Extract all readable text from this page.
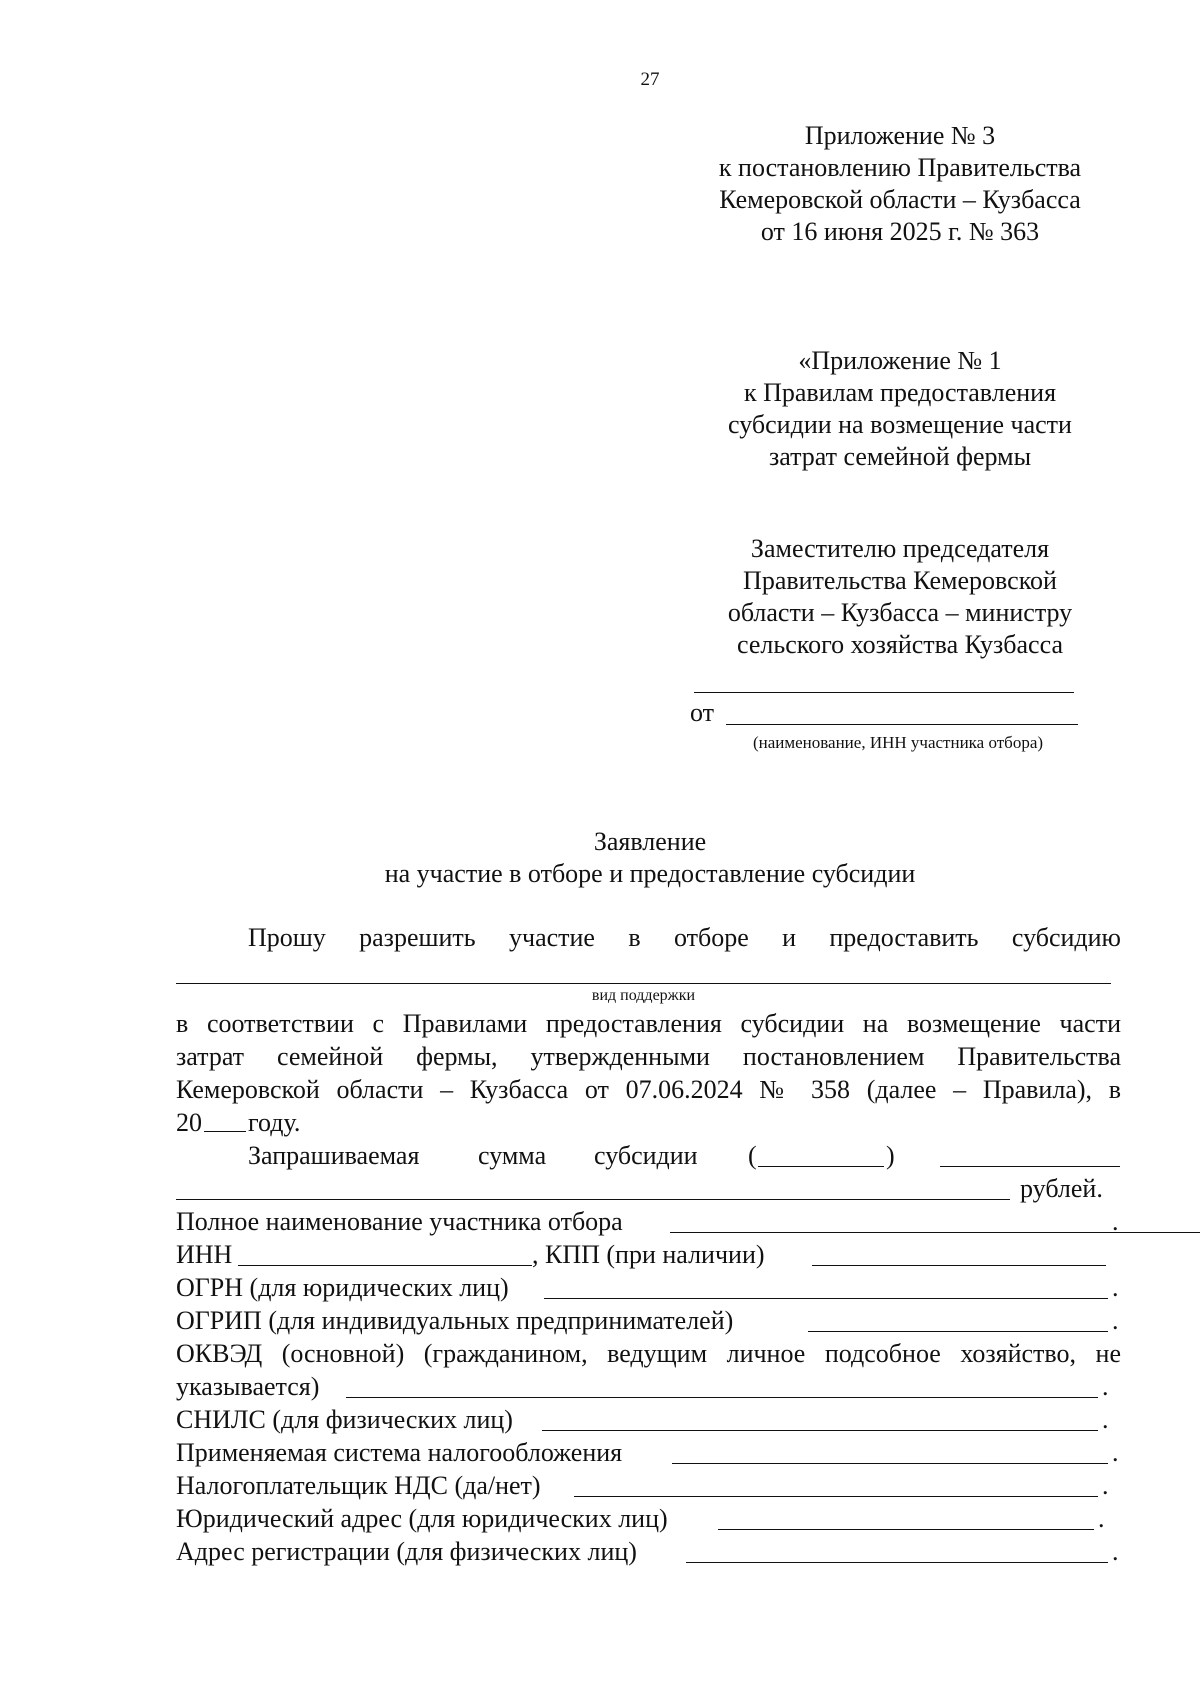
27
Приложение № 3
к постановлению Правительства
Кемеровской области – Кузбасса
от 16 июня 2025 г. № 363
«Приложение № 1
к Правилам предоставления
субсидии на возмещение части
затрат семейной фермы
Заместителю председателя
Правительства Кемеровской
области – Кузбасса – министру
сельского хозяйства Кузбасса
от
(наименование, ИНН участника отбора)
Заявление
на участие в отборе и предоставление субсидии
Прошу разрешить участие в отборе и предоставить субсидию
вид поддержки
в соответствии с Правилами предоставления субсидии на возмещение части
затрат семейной фермы, утвержденными постановлением Правительства
Кемеровской области – Кузбасса от 07.06.2024 № 358 (далее – Правила), в
20 году.
Запрашиваемая сумма субсидии (	)
рублей.
Полное наименование участника отбора	.
ИНН	, КПП (при наличии)
ОГРН (для юридических лиц)	.
ОГРИП (для индивидуальных предпринимателей)	.
ОКВЭД (основной) (гражданином, ведущим личное подсобное хозяйство, не
указывается)	.
СНИЛС (для физических лиц)	.
Применяемая система налогообложения	.
Налогоплательщик НДС (да/нет)	.
Юридический адрес (для юридических лиц)	.
Адрес регистрации (для физических лиц)	.
